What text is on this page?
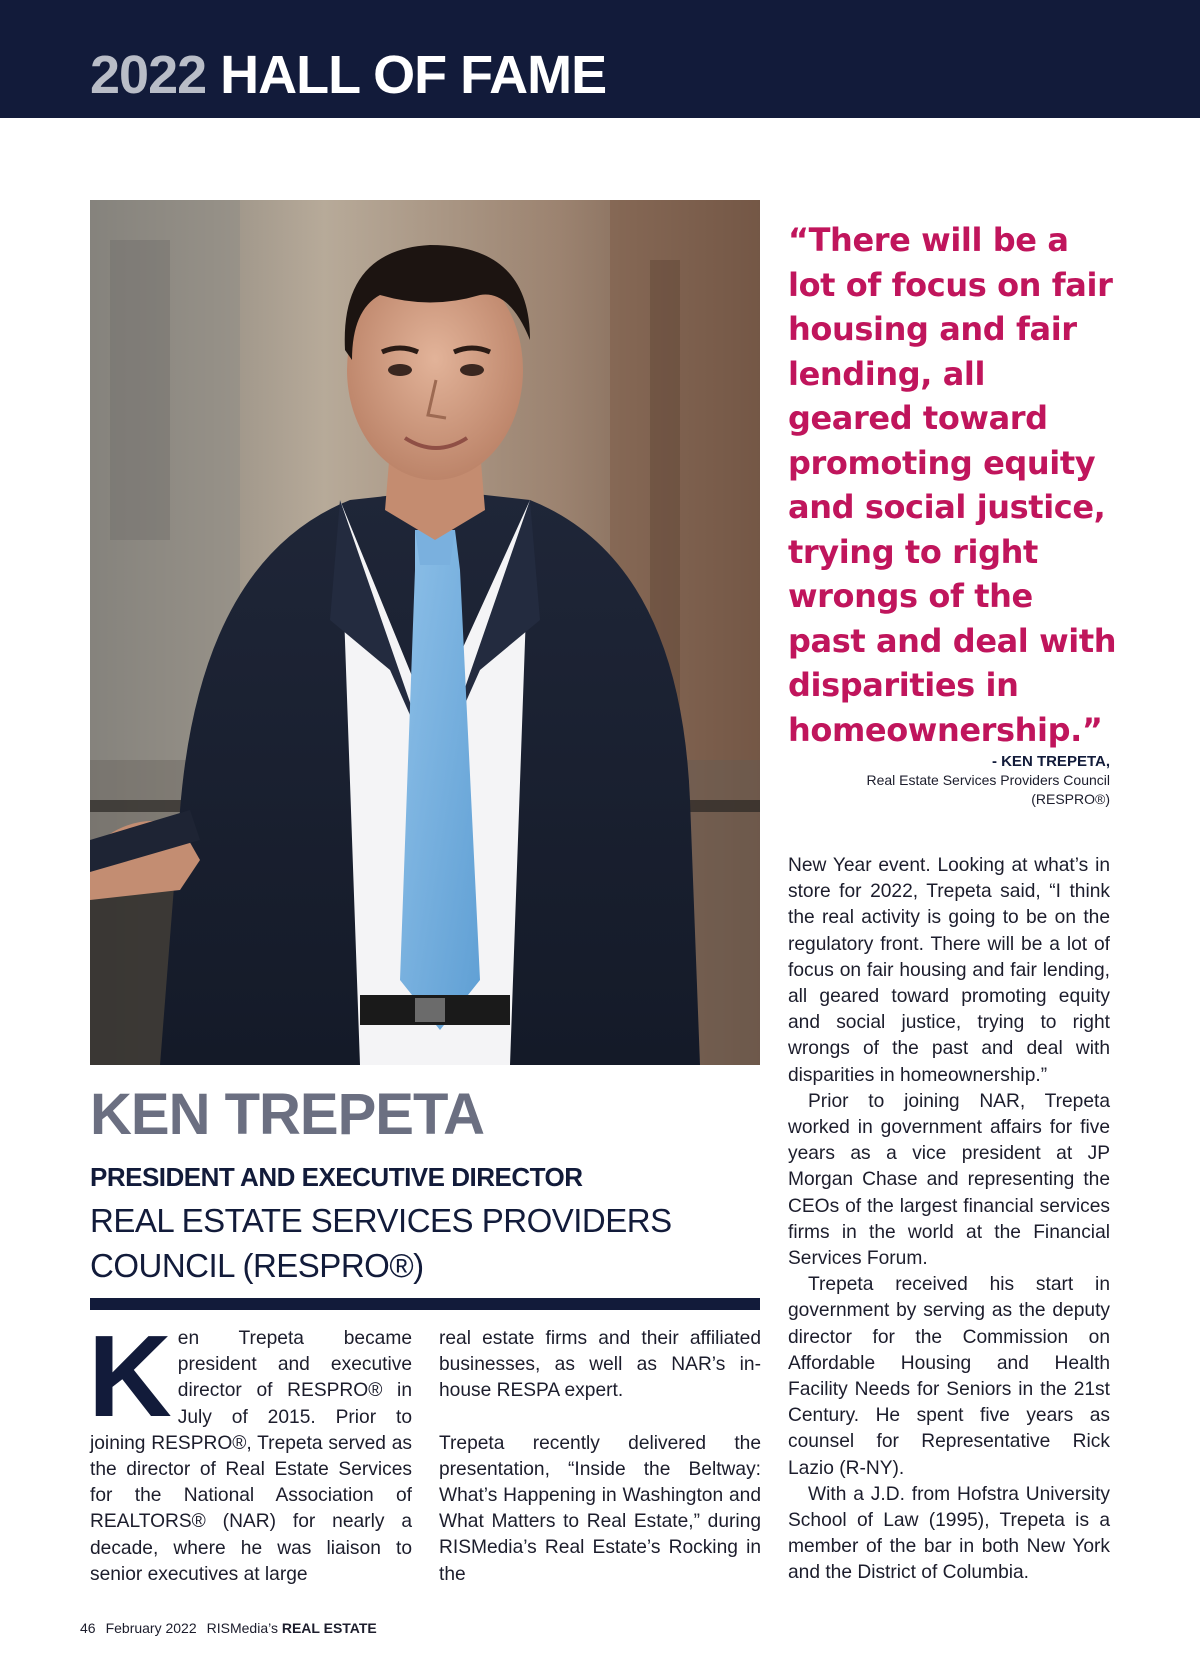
2022 HALL OF FAME
“There will be a lot of focus on fair housing and fair lending, all geared toward promoting equity and social justice, trying to right wrongs of the past and deal with disparities in homeownership.”
- KEN TREPETA,
Real Estate Services Providers Council
(RESPRO®)
KEN TREPETA
PRESIDENT AND EXECUTIVE DIRECTOR
REAL ESTATE SERVICES PROVIDERS
COUNCIL (RESPRO®)
K en Trepeta became president and executive director of RESPRO® in July of 2015. Prior to joining RESPRO®, Trepeta served as the director of Real Estate Services for the National Association of REALTORS® (NAR) for nearly a decade, where he was liaison to senior executives at large

real estate firms and their affiliated businesses, as well as NAR’s in-house RESPA expert.

Trepeta recently delivered the presentation, “Inside the Beltway: What’s Happening in Washington and What Matters to Real Estate,” during RISMedia’s Real Estate’s Rocking in the

New Year event. Looking at what’s in store for 2022, Trepeta said, “I think the real activity is going to be on the regulatory front. There will be a lot of focus on fair housing and fair lending, all geared toward promoting equity and social justice, trying to right wrongs of the past and deal with disparities in homeownership.”

Prior to joining NAR, Trepeta worked in government affairs for five years as a vice president at JP Morgan Chase and representing the CEOs of the largest financial services firms in the world at the Financial Services Forum.

Trepeta received his start in government by serving as the deputy director for the Commission on Affordable Housing and Health Facility Needs for Seniors in the 21st Century. He spent five years as counsel for Representative Rick Lazio (R-NY).

With a J.D. from Hofstra University School of Law (1995), Trepeta is a member of the bar in both New York and the District of Columbia.

46 February 2022 RISMedia’s REAL ESTATE
